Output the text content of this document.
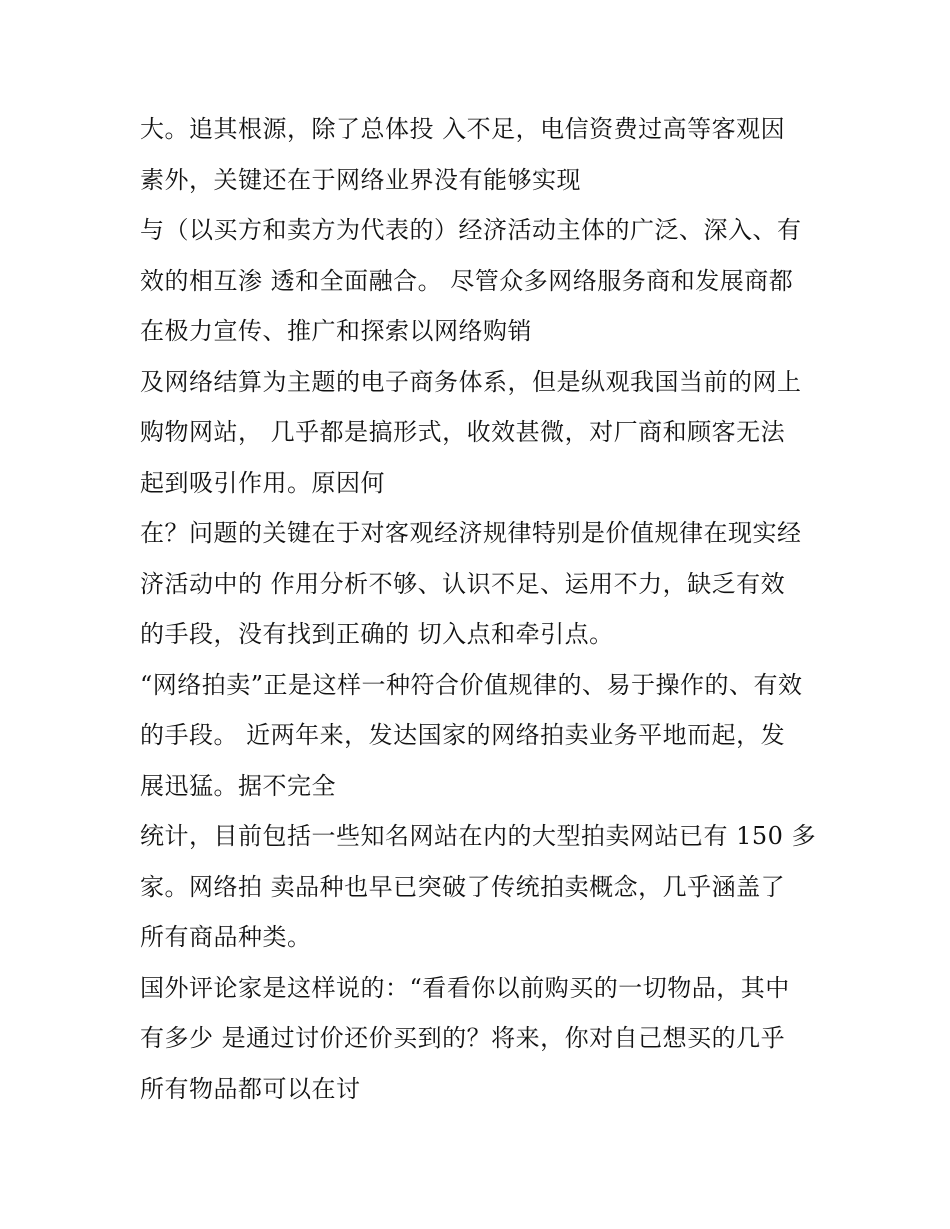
大。追其根源，除了总体投 入不足，电信资费过高等客观因
素外，关键还在于网络业界没有能够实现
与（以买方和卖方为代表的）经济活动主体的广泛、深入、有
效的相互渗 透和全面融合。 尽管众多网络服务商和发展商都
在极力宣传、推广和探索以网络购销
及网络结算为主题的电子商务体系，但是纵观我国当前的网上
购物网站， 几乎都是搞形式，收效甚微，对厂商和顾客无法
起到吸引作用。原因何
在？问题的关键在于对客观经济规律特别是价值规律在现实经
济活动中的 作用分析不够、认识不足、运用不力，缺乏有效
的手段，没有找到正确的 切入点和牵引点。
“网络拍卖”正是这样一种符合价值规律的、易于操作的、有效
的手段。 近两年来，发达国家的网络拍卖业务平地而起，发
展迅猛。据不完全
统计，目前包括一些知名网站在内的大型拍卖网站已有 150 多
家。网络拍 卖品种也早已突破了传统拍卖概念，几乎涵盖了
所有商品种类。
国外评论家是这样说的：“看看你以前购买的一切物品，其中
有多少 是通过讨价还价买到的？将来，你对自己想买的几乎
所有物品都可以在讨
